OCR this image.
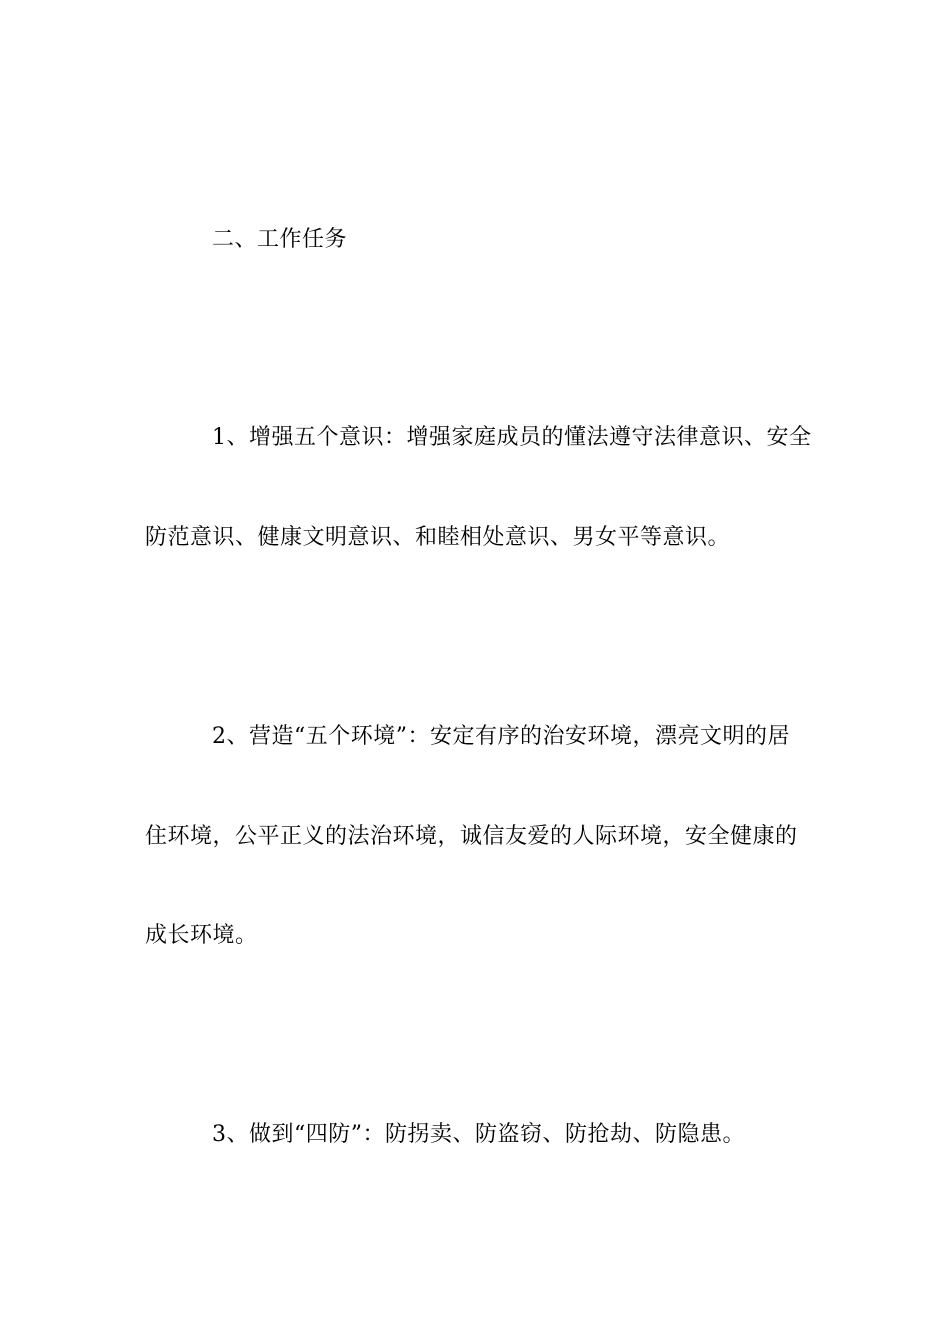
二、工作任务
1、增强五个意识：增强家庭成员的懂法遵守法律意识、安全
防范意识、健康文明意识、和睦相处意识、男女平等意识。
2、营造“五个环境”：安定有序的治安环境，漂亮文明的居
住环境，公平正义的法治环境，诚信友爱的人际环境，安全健康的
成长环境。
3、做到“四防”：防拐卖、防盗窃、防抢劫、防隐患。
